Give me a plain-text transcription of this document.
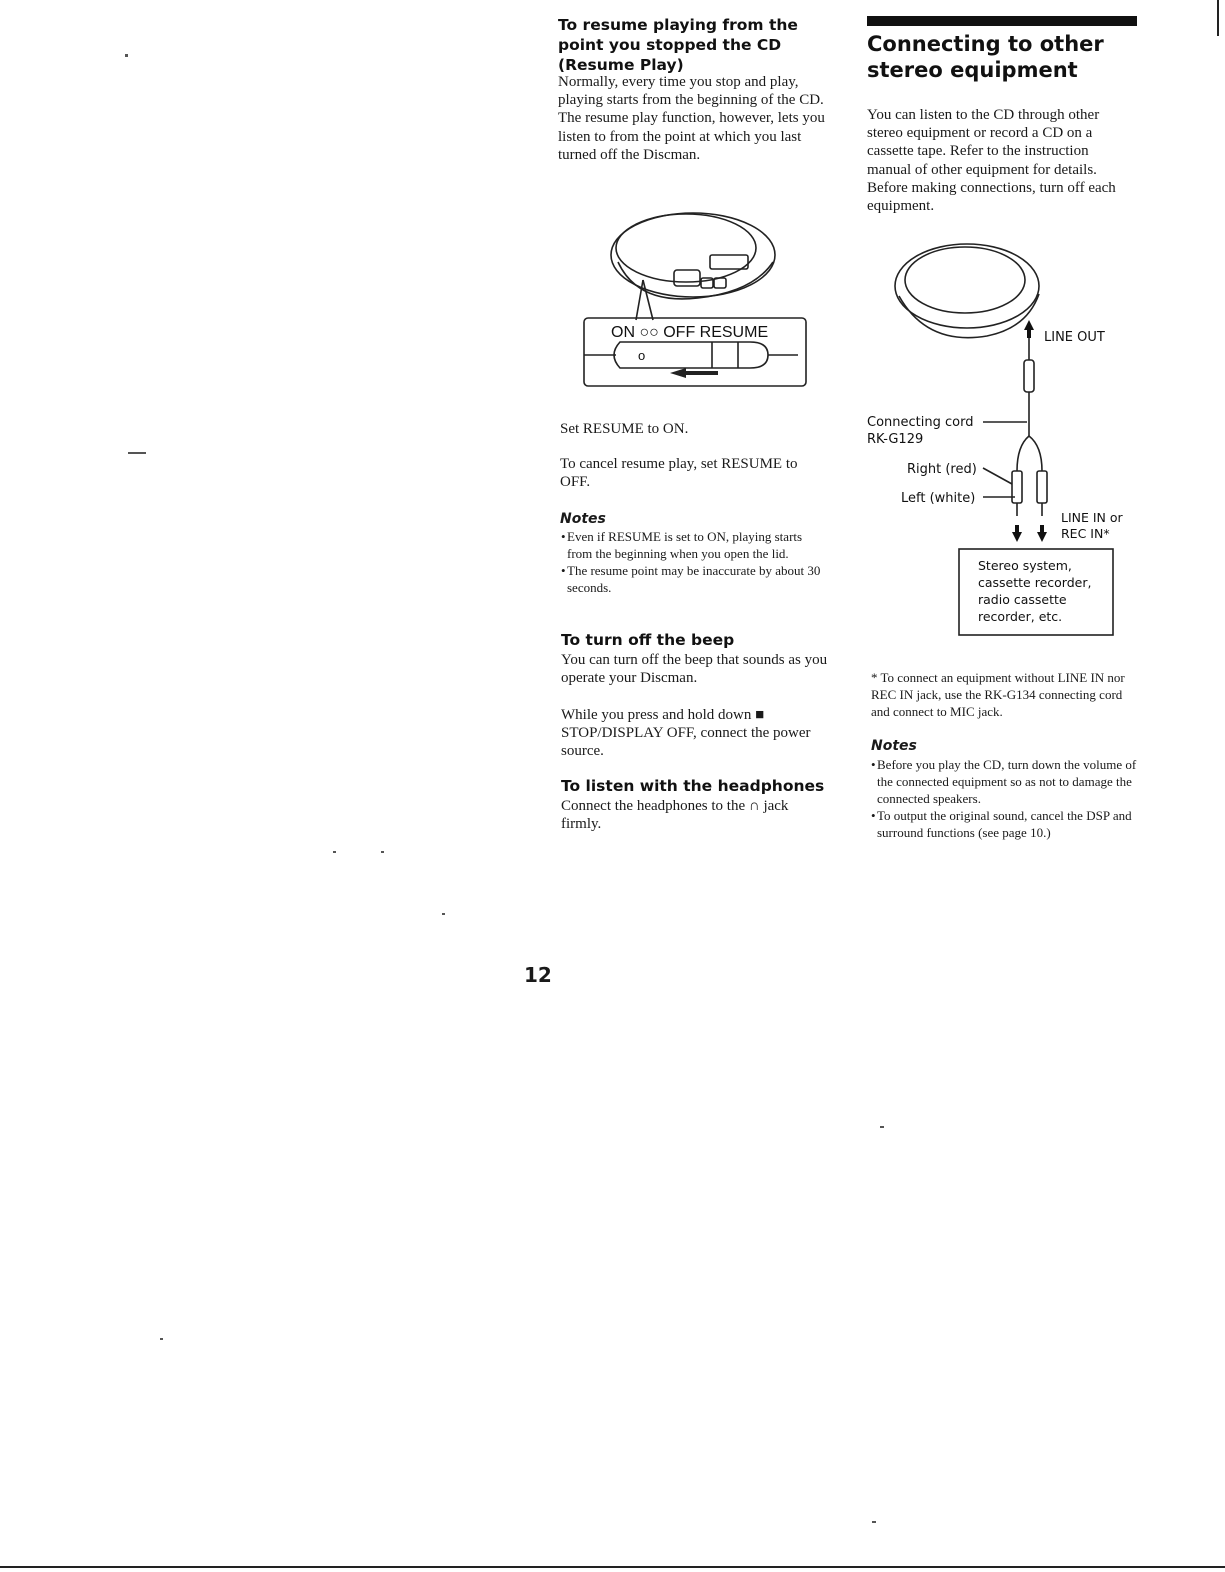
To resume playing from the point you stopped the CD (Resume Play)
Normally, every time you stop and play, playing starts from the beginning of the CD. The resume play function, however, lets you listen to from the point at which you last turned off the Discman.
ON ○○ OFF RESUME
o
Set RESUME to ON.
To cancel resume play, set RESUME to OFF.
Notes
• Even if RESUME is set to ON, playing starts from the beginning when you open the lid.
• The resume point may be inaccurate by about 30 seconds.
To turn off the beep
You can turn off the beep that sounds as you operate your Discman.
While you press and hold down ■ STOP/DISPLAY OFF, connect the power source.
To listen with the headphones
Connect the headphones to the ∩ jack firmly.
Connecting to other stereo equipment
You can listen to the CD through other stereo equipment or record a CD on a cassette tape. Refer to the instruction manual of other equipment for details. Before making connections, turn off each equipment.
LINE OUT
Connecting cord
RK-G129
Right (red)
Left (white)
LINE IN or
REC IN*
Stereo system,
cassette recorder,
radio cassette
recorder, etc.
* To connect an equipment without LINE IN nor REC IN jack, use the RK-G134 connecting cord and connect to MIC jack.
Notes
• Before you play the CD, turn down the volume of the connected equipment so as not to damage the connected speakers.
• To output the original sound, cancel the DSP and surround functions (see page 10.)
12
